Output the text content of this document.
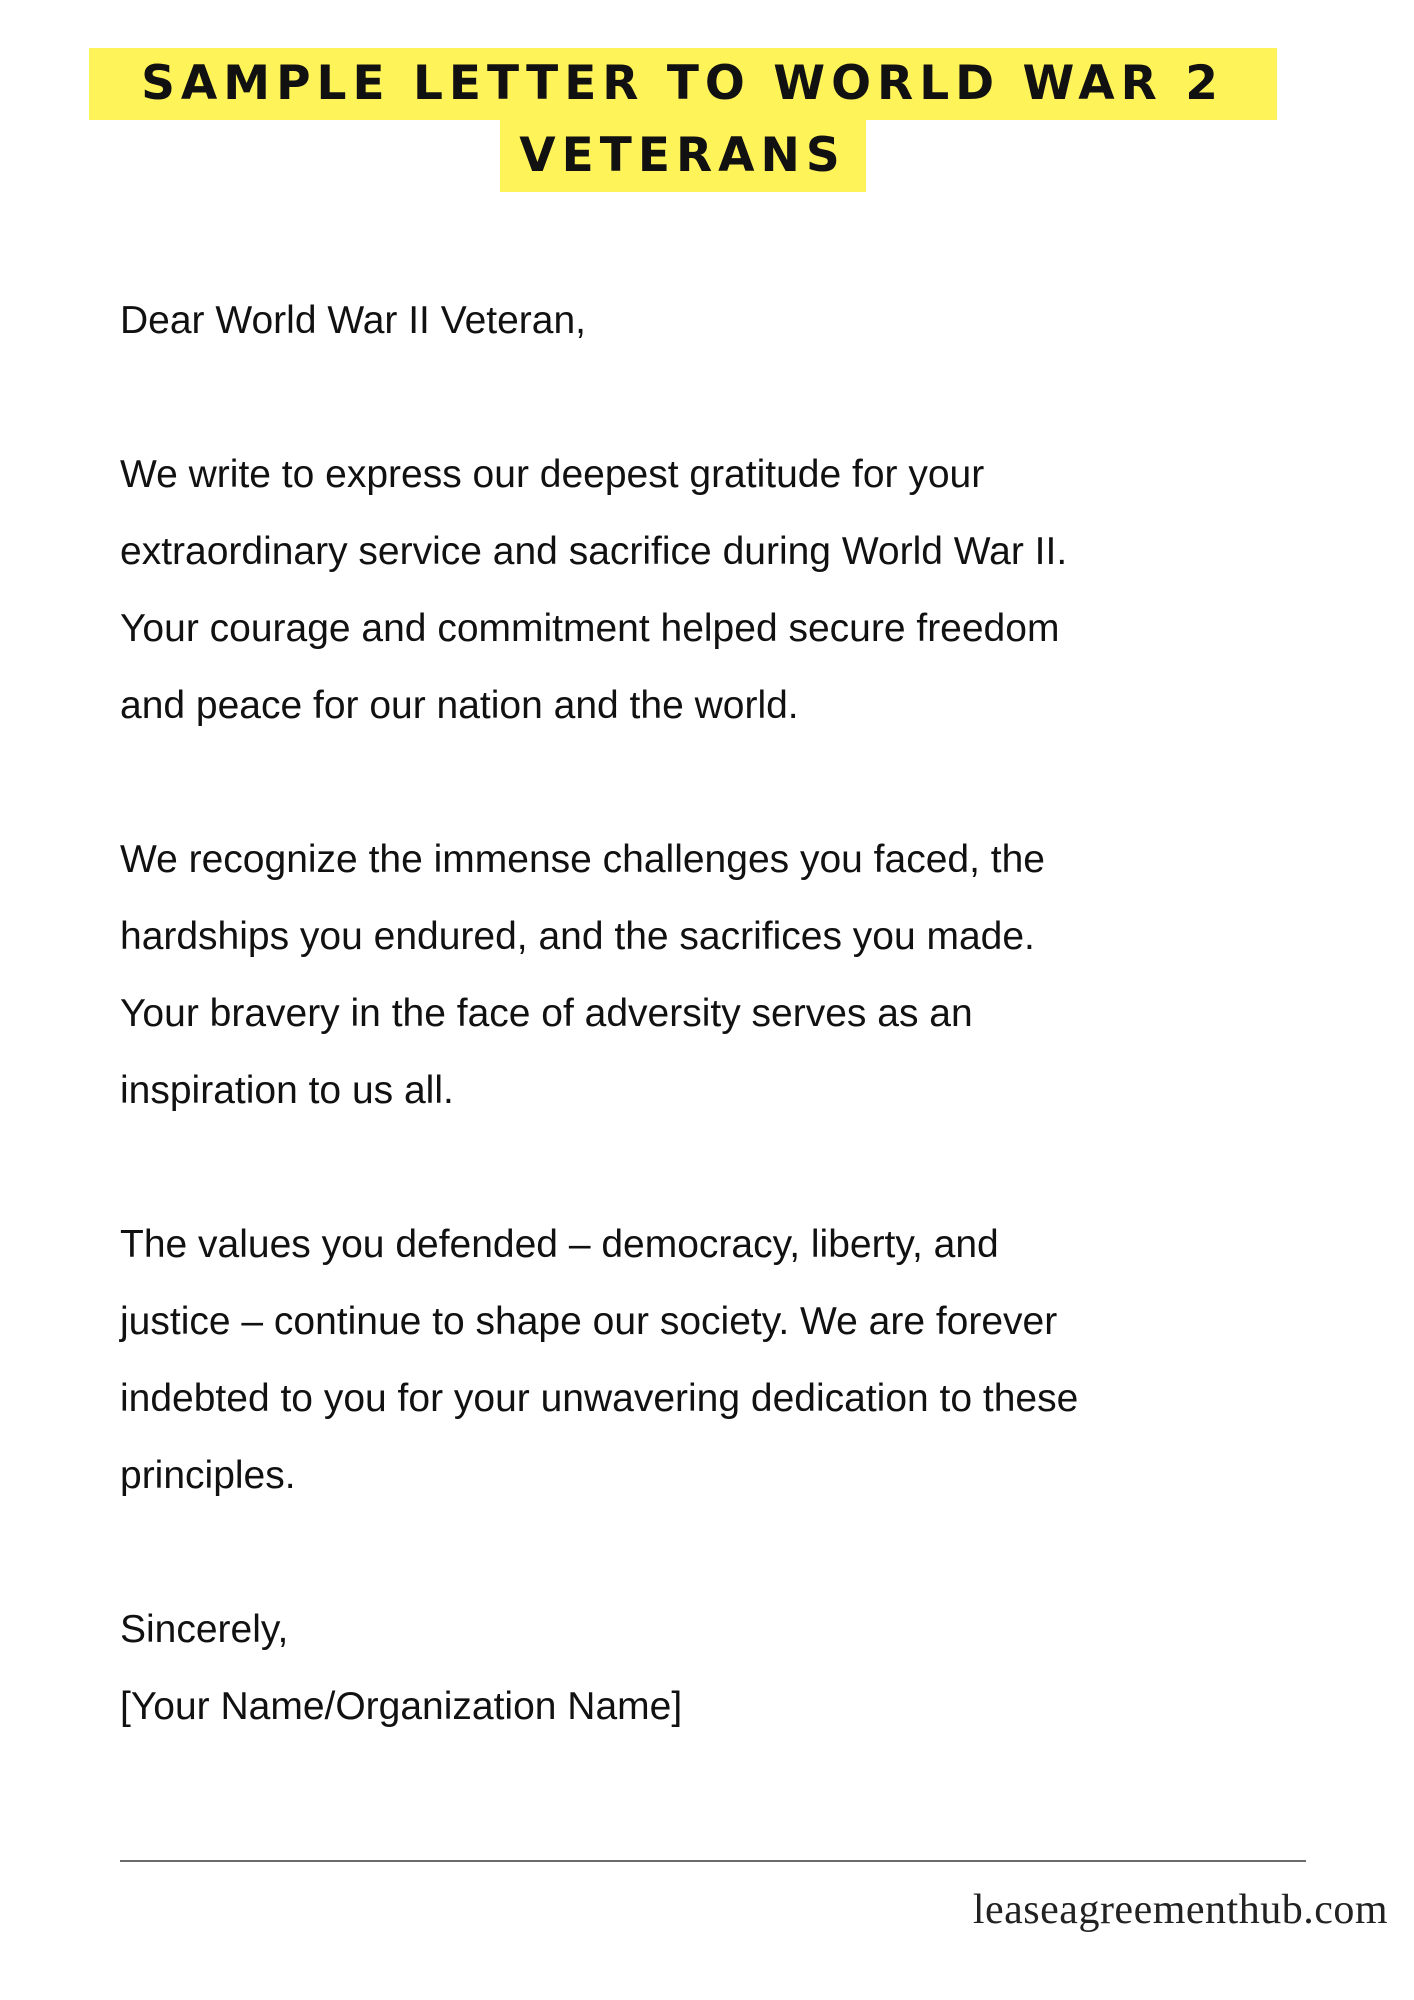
SAMPLE LETTER TO WORLD WAR 2
VETERANS

Dear World War II Veteran,

We write to express our deepest gratitude for your
extraordinary service and sacrifice during World War II.
Your courage and commitment helped secure freedom
and peace for our nation and the world.

We recognize the immense challenges you faced, the
hardships you endured, and the sacrifices you made.
Your bravery in the face of adversity serves as an
inspiration to us all.

The values you defended – democracy, liberty, and
justice – continue to shape our society. We are forever
indebted to you for your unwavering dedication to these
principles.

Sincerely,

[Your Name/Organization Name]

leaseagreementhub.com
